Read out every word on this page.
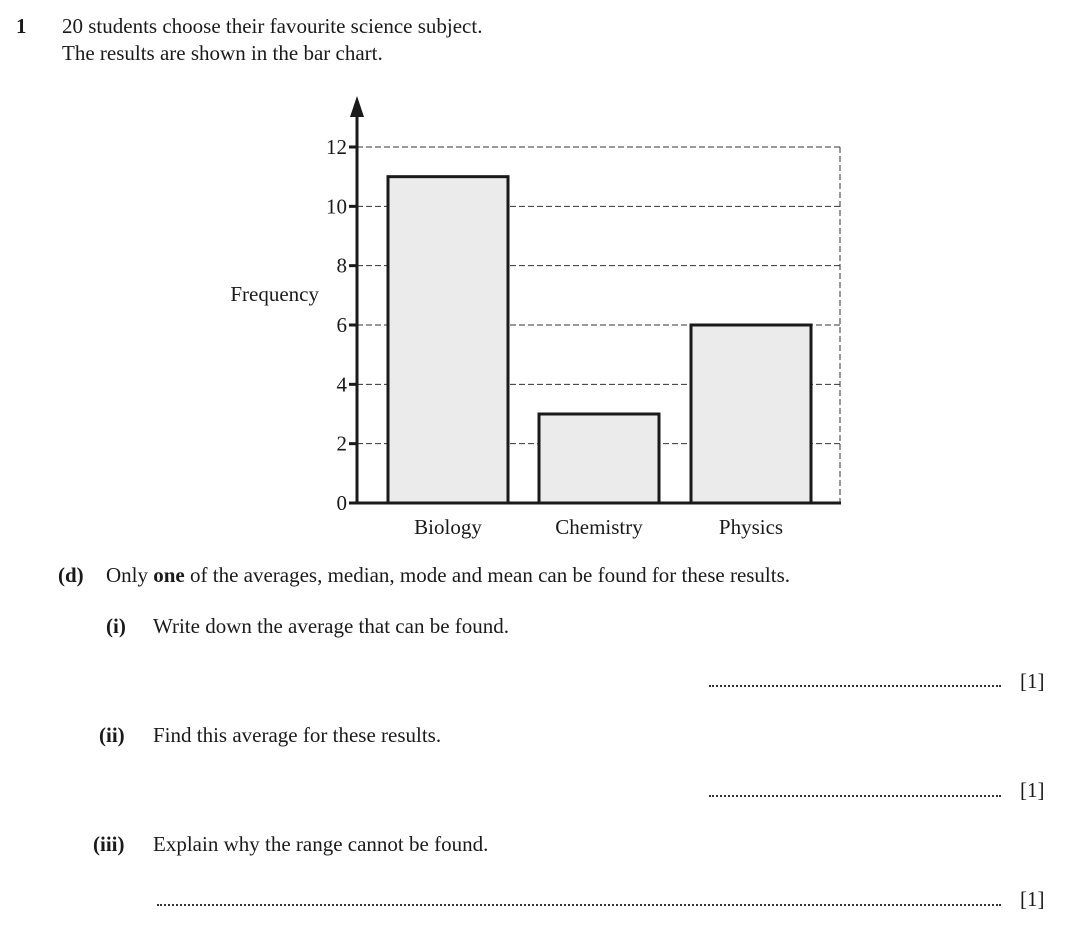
1 20 students choose their favourite science subject.
The results are shown in the bar chart.
0
2
4
6
8
10
12
Biology	Chemistry	Physics
Frequency
(d) Only one of the averages, median, mode and mean can be found for these results.
(i) Write down the average that can be found.
[1]
(ii) Find this average for these results.
[1]
(iii) Explain why the range cannot be found.
[1]
